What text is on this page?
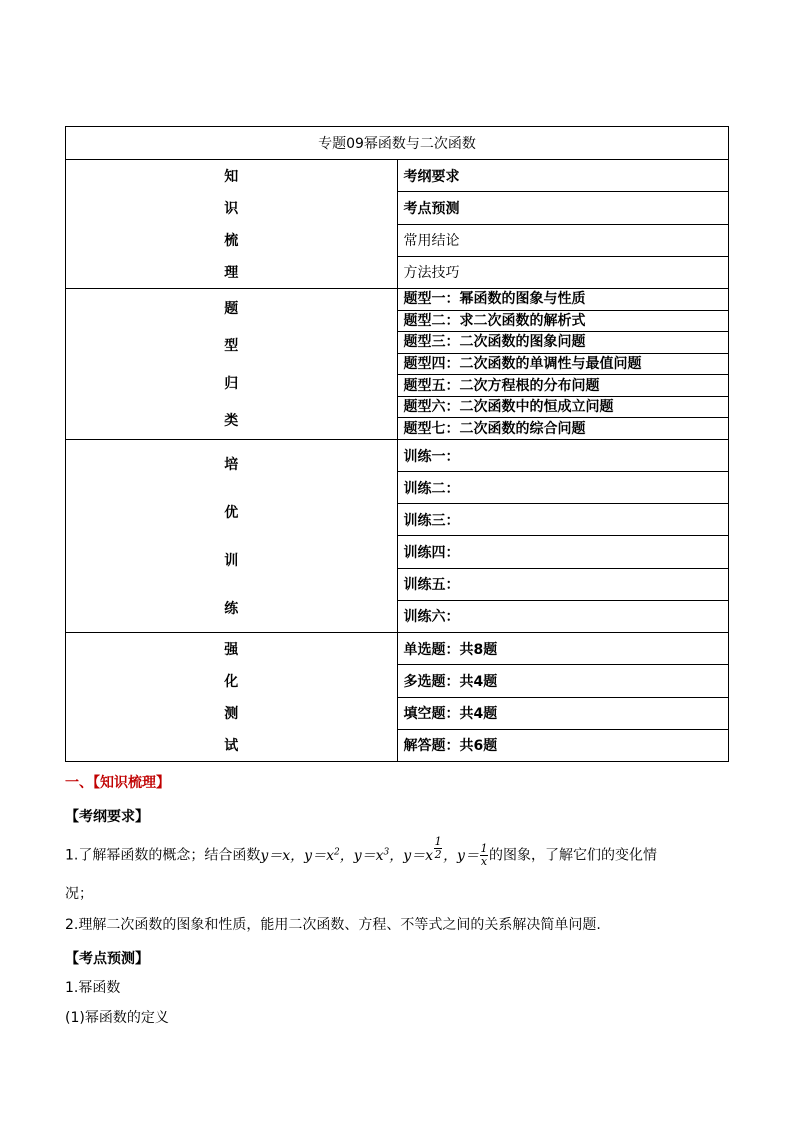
专题09幂函数与二次函数	

知
识
梳
理	考纲要求
	考点预测
	常用结论
	方法技巧

题
型
归
类	题型一：幂函数的图象与性质
	题型二：求二次函数的解析式
	题型三：二次函数的图象问题
	题型四：二次函数的单调性与最值问题
	题型五：二次方程根的分布问题
	题型六：二次函数中的恒成立问题
	题型七：二次函数的综合问题

培
优
训
练	训练一：
	训练二：
	训练三：
	训练四：
	训练五：
	训练六：

强
化
测
试	单选题：共8题
	多选题：共4题
	填空题：共4题
	解答题：共6题
一、【知识梳理】
【考纲要求】
1.了解幂函数的概念；结合函数y＝x，$y=x^2$，$y=x^3$，$y=x \frac{1}{2}$ ，$y= \frac{1}{x}$ 的图象，了解它们的变化情
况；
2.理解二次函数的图象和性质，能用二次函数、方程、不等式之间的关系解决简单问题.
【考点预测】
1.幂函数
(1)幂函数的定义
